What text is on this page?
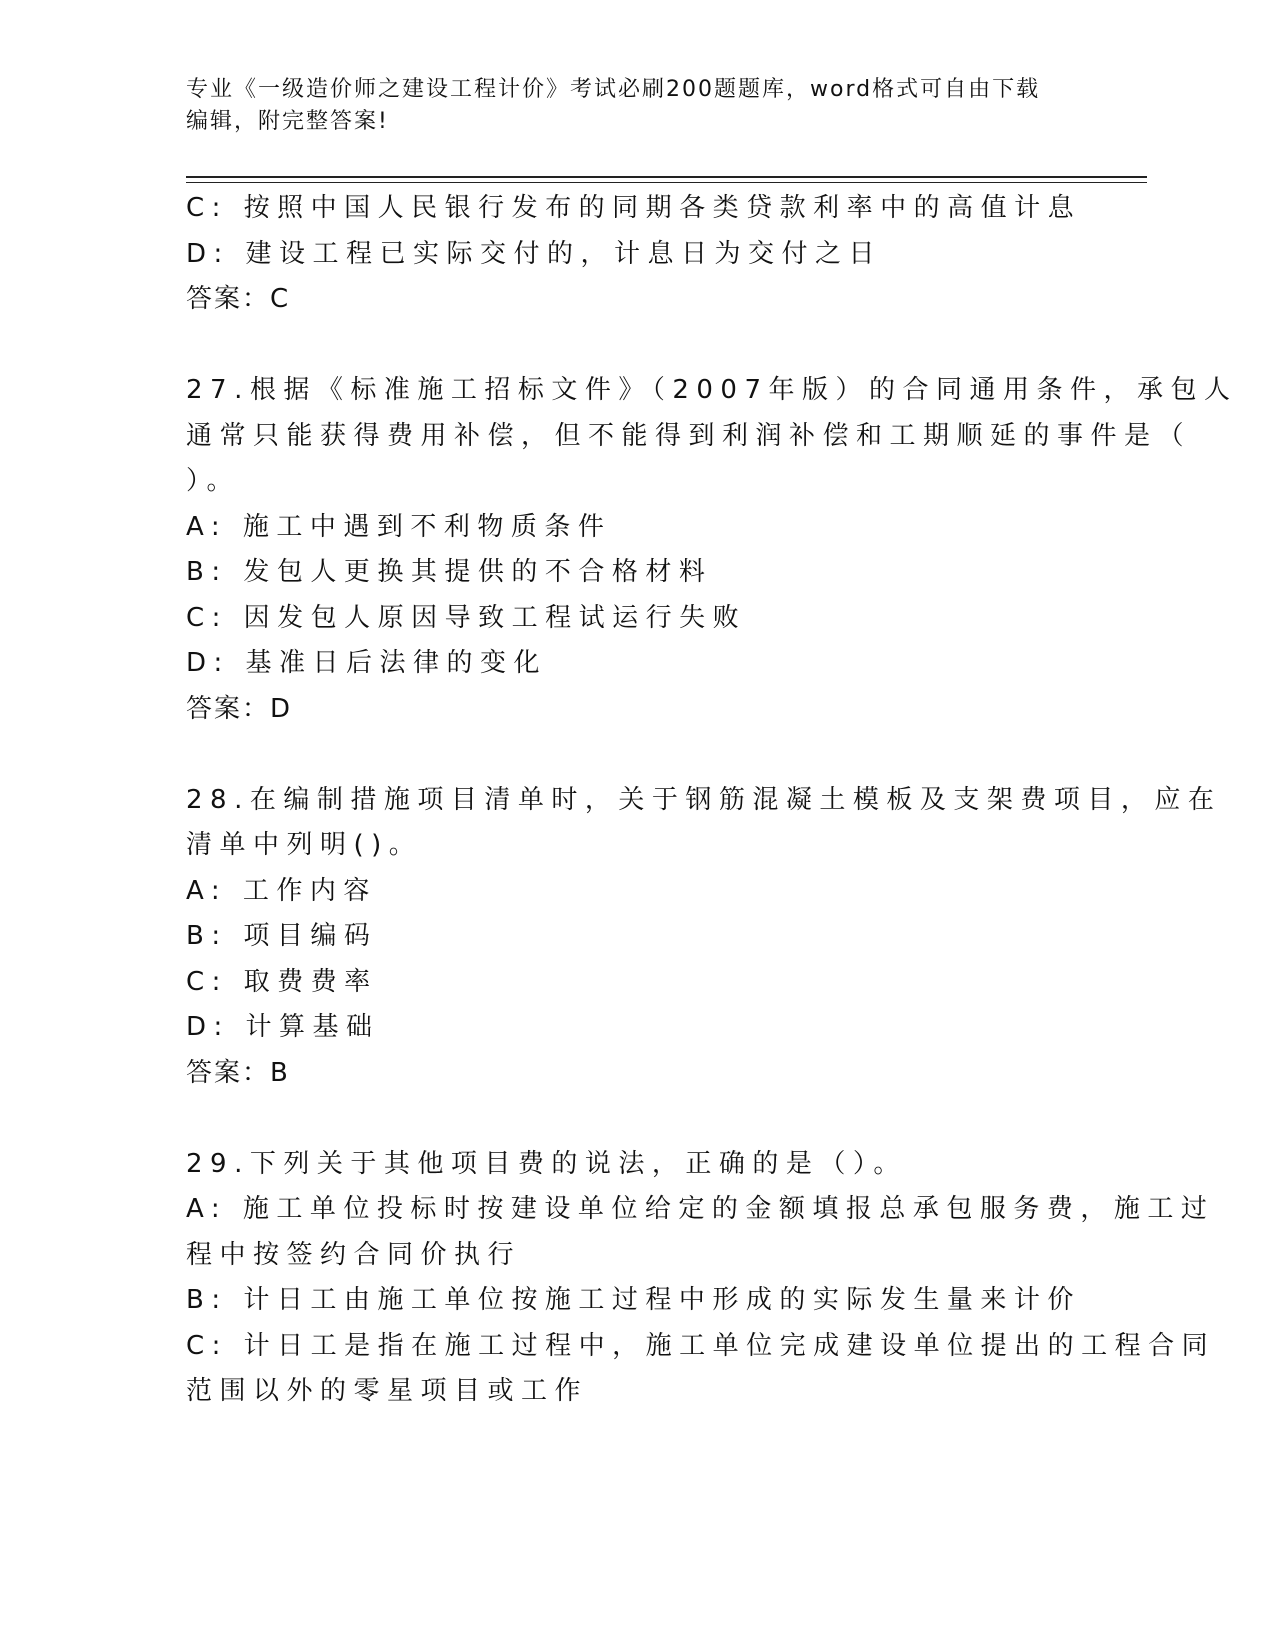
专业《一级造价师之建设工程计价》考试必刷200题题库，word格式可自由下载
编辑，附完整答案!
C: 按照中国人民银行发布的同期各类贷款利率中的高值计息
D: 建设工程已实际交付的，计息日为交付之日
答案：C
27.根据《标准施工招标文件》（2007年版）的合同通用条件，承包人
通常只能获得费用补偿，但不能得到利润补偿和工期顺延的事件是（
）。
A: 施工中遇到不利物质条件
B: 发包人更换其提供的不合格材料
C: 因发包人原因导致工程试运行失败
D: 基准日后法律的变化
答案：D
28.在编制措施项目清单时，关于钢筋混凝土模板及支架费项目，应在
清单中列明()。
A: 工作内容
B: 项目编码
C: 取费费率
D: 计算基础
答案：B
29.下列关于其他项目费的说法，正确的是（）。
A: 施工单位投标时按建设单位给定的金额填报总承包服务费，施工过
程中按签约合同价执行
B: 计日工由施工单位按施工过程中形成的实际发生量来计价
C: 计日工是指在施工过程中，施工单位完成建设单位提出的工程合同
范围以外的零星项目或工作
